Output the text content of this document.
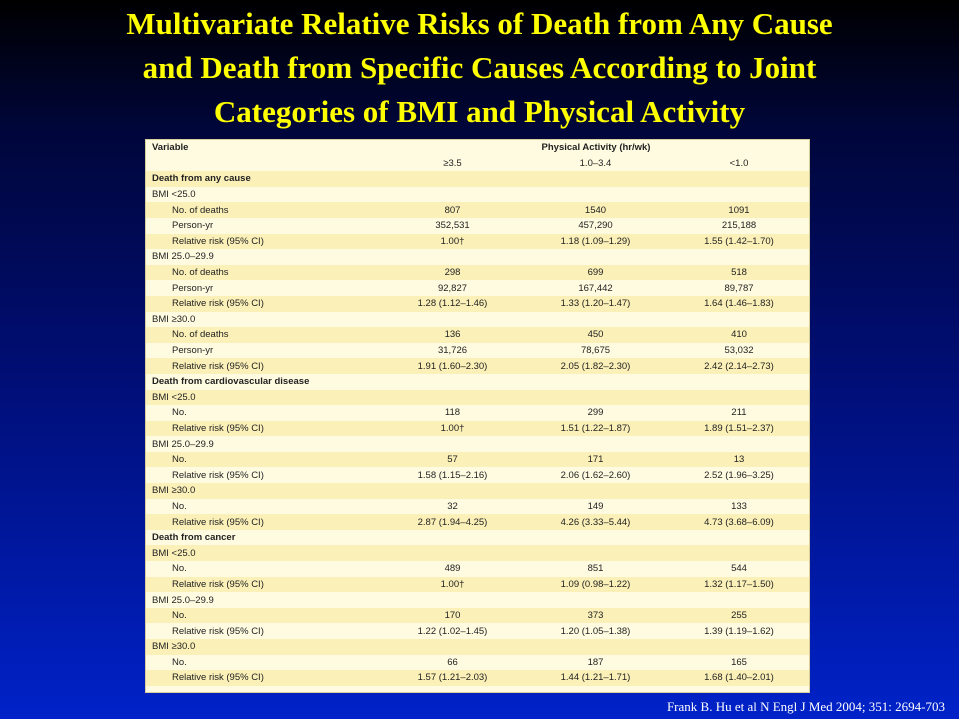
Multivariate Relative Risks of Death from Any Cause
and Death from Specific Causes According to Joint
Categories of BMI and Physical Activity
Variable	Physical Activity (hr/wk)		
	≥3.5	1.0–3.4	<1.0
Death from any cause			
BMI <25.0			
No. of deaths	807	1540	1091
Person-yr	352,531	457,290	215,188
Relative risk (95% CI)	1.00†	1.18 (1.09–1.29)	1.55 (1.42–1.70)
BMI 25.0–29.9			
No. of deaths	298	699	518
Person-yr	92,827	167,442	89,787
Relative risk (95% CI)	1.28 (1.12–1.46)	1.33 (1.20–1.47)	1.64 (1.46–1.83)
BMI ≥30.0			
No. of deaths	136	450	410
Person-yr	31,726	78,675	53,032
Relative risk (95% CI)	1.91 (1.60–2.30)	2.05 (1.82–2.30)	2.42 (2.14–2.73)
Death from cardiovascular disease			
BMI <25.0			
No.	118	299	211
Relative risk (95% CI)	1.00†	1.51 (1.22–1.87)	1.89 (1.51–2.37)
BMI 25.0–29.9			
No.	57	171	13
Relative risk (95% CI)	1.58 (1.15–2.16)	2.06 (1.62–2.60)	2.52 (1.96–3.25)
BMI ≥30.0			
No.	32	149	133
Relative risk (95% CI)	2.87 (1.94–4.25)	4.26 (3.33–5.44)	4.73 (3.68–6.09)
Death from cancer			
BMI <25.0			
No.	489	851	544
Relative risk (95% CI)	1.00†	1.09 (0.98–1.22)	1.32 (1.17–1.50)
BMI 25.0–29.9			
No.	170	373	255
Relative risk (95% CI)	1.22 (1.02–1.45)	1.20 (1.05–1.38)	1.39 (1.19–1.62)
BMI ≥30.0			
No.	66	187	165
Relative risk (95% CI)	1.57 (1.21–2.03)	1.44 (1.21–1.71)	1.68 (1.40–2.01)

Frank B. Hu et al N Engl J Med 2004; 351: 2694-703
